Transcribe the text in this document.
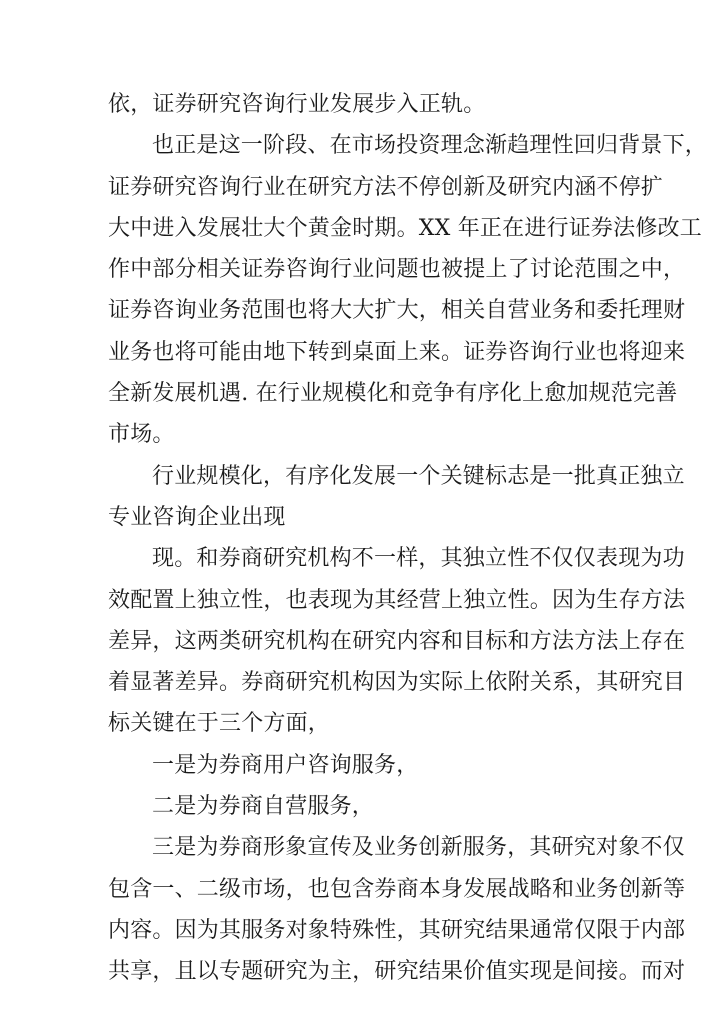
依，证券研究咨询行业发展步入正轨。
也正是这一阶段、在市场投资理念渐趋理性回归背景下，
证券研究咨询行业在研究方法不停创新及研究内涵不停扩
大中进入发展壮大个黄金时期。XX 年正在进行证券法修改工
作中部分相关证券咨询行业问题也被提上了讨论范围之中，
证券咨询业务范围也将大大扩大，相关自营业务和委托理财
业务也将可能由地下转到桌面上来。证券咨询行业也将迎来
全新发展机遇. 在行业规模化和竞争有序化上愈加规范完善
市场。
行业规模化，有序化发展一个关键标志是一批真正独立
专业咨询企业出现
现。和券商研究机构不一样，其独立性不仅仅表现为功
效配置上独立性，也表现为其经营上独立性。因为生存方法
差异，这两类研究机构在研究内容和目标和方法方法上存在
着显著差异。券商研究机构因为实际上依附关系，其研究目
标关键在于三个方面，
一是为券商用户咨询服务，
二是为券商自营服务，
三是为券商形象宣传及业务创新服务，其研究对象不仅
包含一、二级市场，也包含券商本身发展战略和业务创新等
内容。因为其服务对象特殊性，其研究结果通常仅限于内部
共享，且以专题研究为主，研究结果价值实现是间接。而对
